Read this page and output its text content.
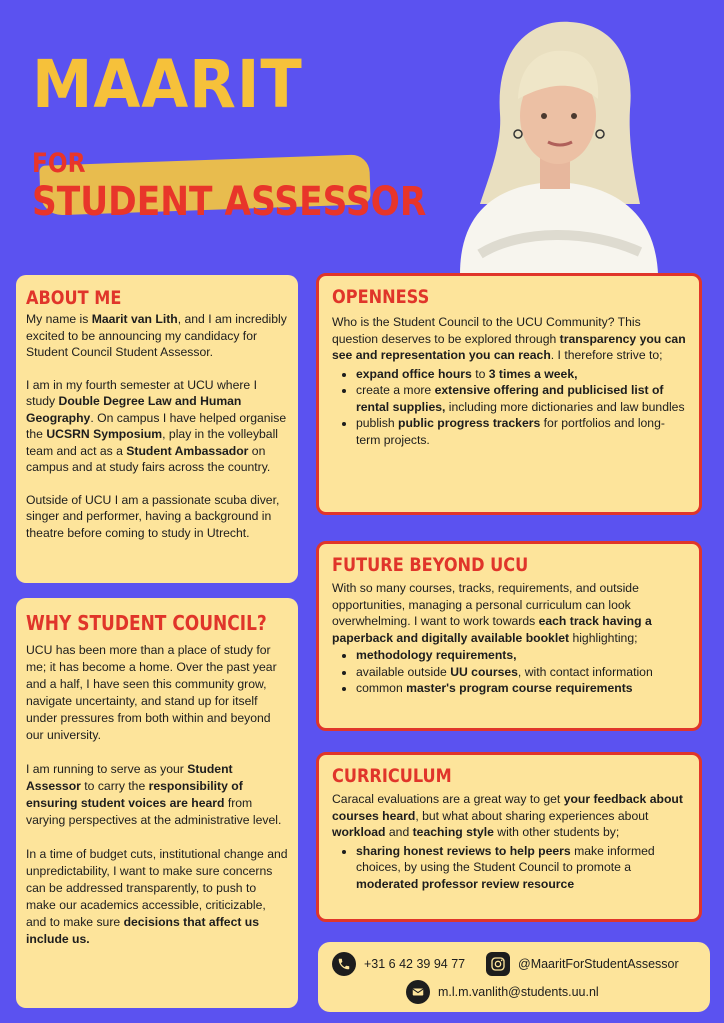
MAARIT
FOR
STUDENT ASSESSOR
ABOUT ME

My name is Maarit van Lith, and I am incredibly excited to be announcing my candidacy for Student Council Student Assessor.

I am in my fourth semester at UCU where I study Double Degree Law and Human Geography. On campus I have helped organise the UCSRN Symposium, play in the volleyball team and act as a Student Ambassador on campus and at study fairs across the country.

Outside of UCU I am a passionate scuba diver, singer and performer, having a background in theatre before coming to study in Utrecht.

WHY STUDENT COUNCIL?

UCU has been more than a place of study for me; it has become a home. Over the past year and a half, I have seen this community grow, navigate uncertainty, and stand up for itself under pressures from both within and beyond our university.

I am running to serve as your Student Assessor to carry the responsibility of ensuring student voices are heard from varying perspectives at the administrative level.

In a time of budget cuts, institutional change and unpredictability, I want to make sure concerns can be addressed transparently, to push to make our academics accessible, criticizable, and to make sure decisions that affect us include us.

OPENNESS

Who is the Student Council to the UCU Community? This question deserves to be explored through transparency you can see and representation you can reach. I therefore strive to;

• expand office hours to 3 times a week,
• create a more extensive offering and publicised list of rental supplies, including more dictionaries and law bundles
• publish public progress trackers for portfolios and long-term projects.
FUTURE BEYOND UCU

With so many courses, tracks, requirements, and outside opportunities, managing a personal curriculum can look overwhelming. I want to work towards each track having a paperback and digitally available booklet highlighting;

• methodology requirements,
• available outside UU courses, with contact information
• common master's program course requirements
CURRICULUM

Caracal evaluations are a great way to get your feedback about courses heard, but what about sharing experiences about workload and teaching style with other students by;

• sharing honest reviews to help peers make informed choices, by using the Student Council to promote a moderated professor review resource
+31 6 42 39 94 77	@MaaritForStudentAssessor
m.l.m.vanlith@students.uu.nl
